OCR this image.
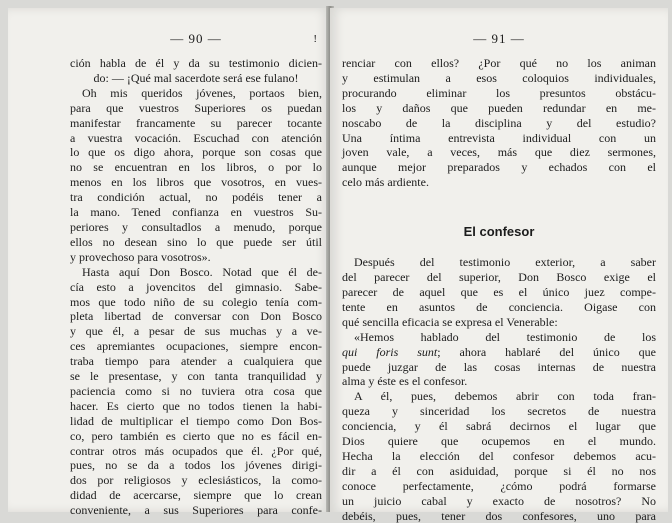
— 90 —	!
ción habla de él y da su testimonio dicien-
do: — ¡Qué mal sacerdote será ese fulano!
Oh mis queridos jóvenes, portaos bien,
para que vuestros Superiores os puedan
manifestar francamente su parecer tocante
a vuestra vocación. Escuchad con atención
lo que os digo ahora, porque son cosas que
no se encuentran en los libros, o por lo
menos en los libros que vosotros, en vues-
tra condición actual, no podéis tener a
la mano. Tened confianza en vuestros Su-
periores y consultadlos a menudo, porque
ellos no desean sino lo que puede ser útil
y provechoso para vosotros».
Hasta aquí Don Bosco. Notad que él de-
cía esto a jovencitos del gimnasio. Sabe-
mos que todo niño de su colegio tenía com-
pleta libertad de conversar con Don Bosco
y que él, a pesar de sus muchas y a ve-
ces apremiantes ocupaciones, siempre encon-
traba tiempo para atender a cualquiera que
se le presentase, y con tanta tranquilidad y
paciencia como si no tuviera otra cosa que
hacer. Es cierto que no todos tienen la habi-
lidad de multiplicar el tiempo como Don Bos-
co, pero también es cierto que no es fácil en-
contrar otros más ocupados que él. ¿Por qué,
pues, no se da a todos los jóvenes dirigi-
dos por religiosos y eclesiásticos, la como-
didad de acercarse, siempre que lo crean
conveniente, a sus Superiores para confe-
— 91 —
renciar con ellos? ¿Por qué no los animan
y estimulan a esos coloquios individuales,
procurando eliminar los presuntos obstácu-
los y daños que pueden redundar en me-
noscabo de la disciplina y del estudio?
Una íntima entrevista individual con un
joven vale, a veces, más que diez sermones,
aunque mejor preparados y echados con el
celo más ardiente.
El confesor
Después del testimonio exterior, a saber
del parecer del superior, Don Bosco exige el
parecer de aquel que es el único juez compe-
tente en asuntos de conciencia. Oigase con
qué sencilla eficacia se expresa el Venerable:
«Hemos hablado del testimonio de los
qui foris sunt; ahora hablaré del único que
puede juzgar de las cosas internas de nuestra
alma y éste es el confesor.
A él, pues, debemos abrir con toda fran-
queza y sinceridad los secretos de nuestra
conciencia, y él sabrá decirnos el lugar que
Dios quiere que ocupemos en el mundo.
Hecha la elección del confesor debemos acu-
dir a él con asiduidad, porque si él no nos
conoce perfectamente, ¿cómo podrá formarse
un juicio cabal y exacto de nosotros? No
debéis, pues, tener dos confesores, uno para
